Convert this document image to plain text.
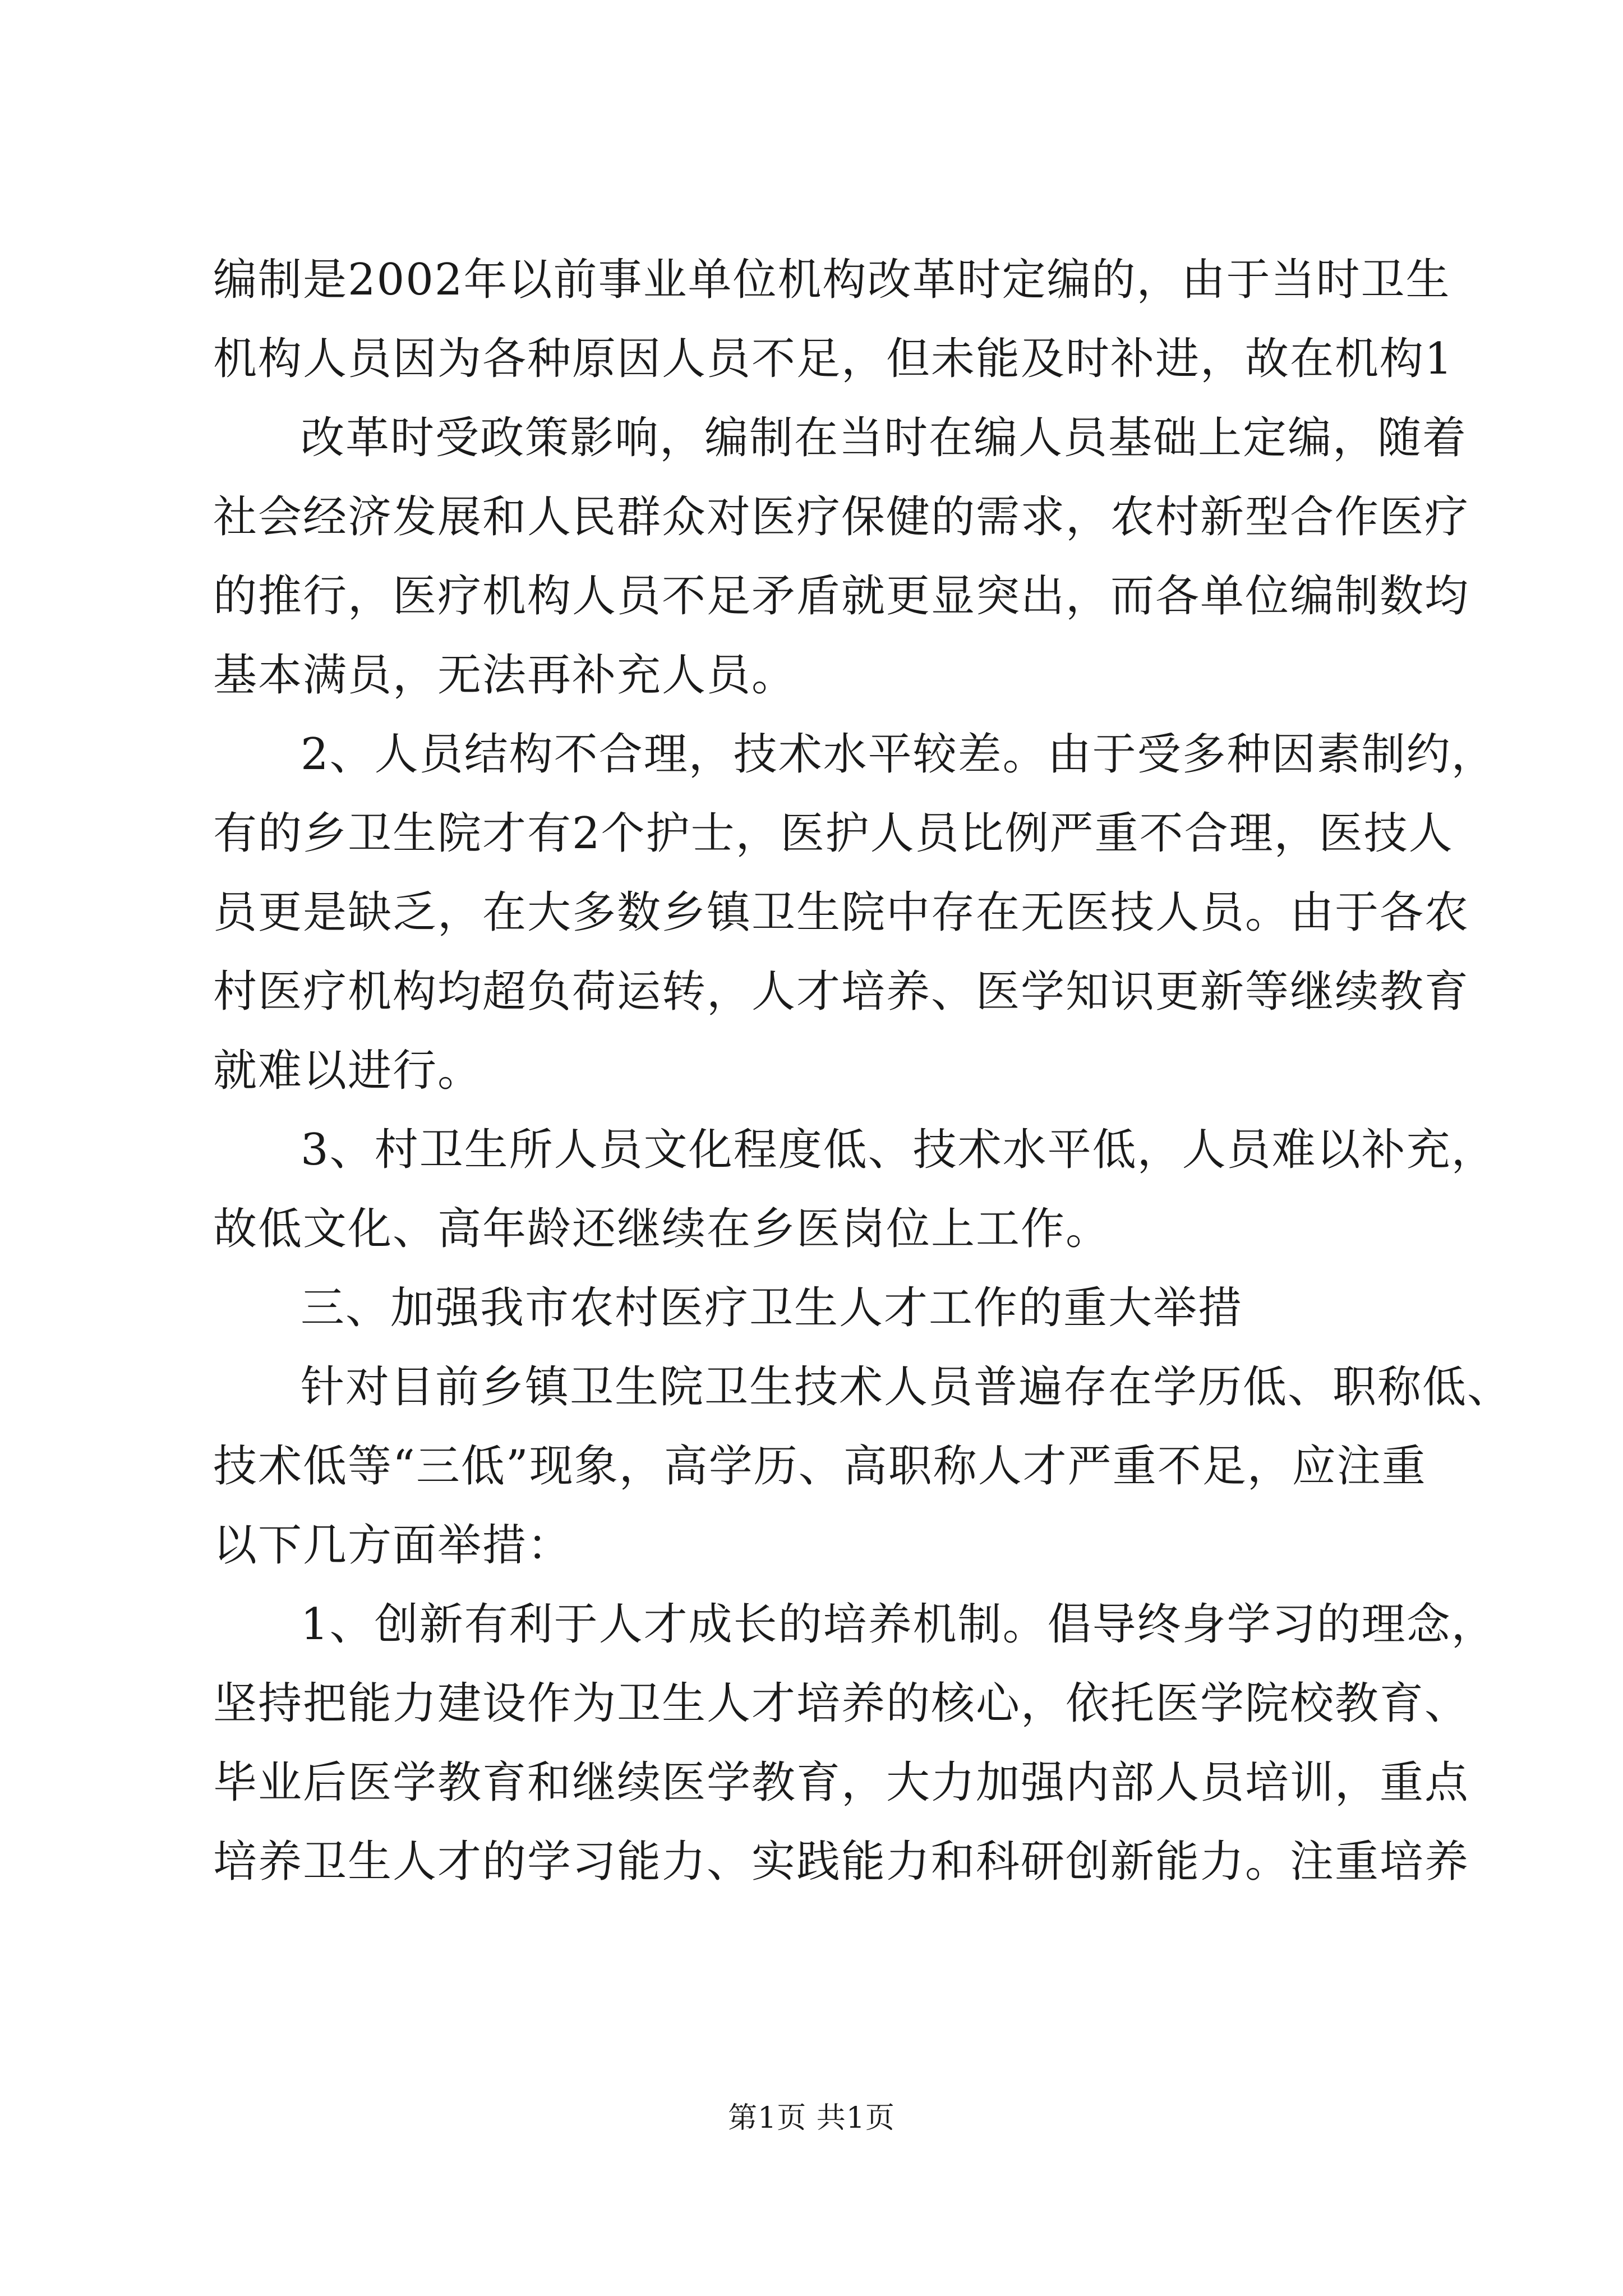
编制是2002年以前事业单位机构改革时定编的，由于当时卫生
机构人员因为各种原因人员不足，但未能及时补进，故在机构1
改革时受政策影响，编制在当时在编人员基础上定编，随着
社会经济发展和人民群众对医疗保健的需求，农村新型合作医疗
的推行，医疗机构人员不足矛盾就更显突出，而各单位编制数均
基本满员，无法再补充人员。
2、人员结构不合理，技术水平较差。由于受多种因素制约，
有的乡卫生院才有2个护士，医护人员比例严重不合理，医技人
员更是缺乏，在大多数乡镇卫生院中存在无医技人员。由于各农
村医疗机构均超负荷运转，人才培养、医学知识更新等继续教育
就难以进行。
3、村卫生所人员文化程度低、技术水平低，人员难以补充，
故低文化、高年龄还继续在乡医岗位上工作。
三、加强我市农村医疗卫生人才工作的重大举措
针对目前乡镇卫生院卫生技术人员普遍存在学历低、职称低、
技术低等“三低”现象，高学历、高职称人才严重不足，应注重
以下几方面举措：
1、创新有利于人才成长的培养机制。倡导终身学习的理念，
坚持把能力建设作为卫生人才培养的核心，依托医学院校教育、
毕业后医学教育和继续医学教育，大力加强内部人员培训，重点
培养卫生人才的学习能力、实践能力和科研创新能力。注重培养
第1页 共1页
